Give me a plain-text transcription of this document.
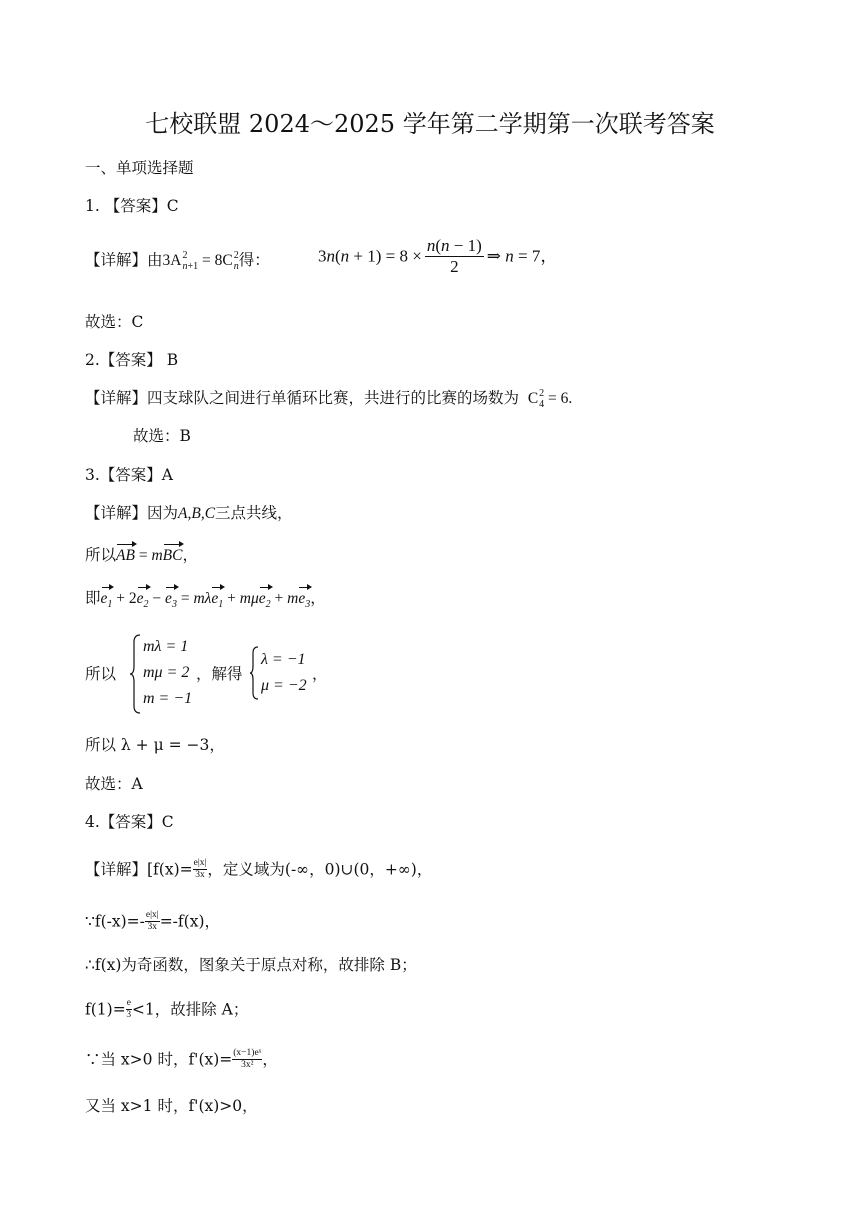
七校联盟 2024～2025 学年第二学期第一次联考答案
一、单项选择题
1. 【答案】C
【详解】由3A 2
n+1 = 8C 2
n 得：	$3n(n + 1) = 8 \times \frac{n(n - 1)}{2}$ ⇒ n = 7，
故选：C
2.【答案】 B
【详解】四支球队之间进行单循环比赛，共进行的比赛的场数为  C 2
4 = 6.
故选：B
3.【答案】A
【详解】因为A,B,C三点共线，
所以AB = mBC，
即$e_1 + 2e_2 - e_3 = m\lambda e_1 + m\mu e_2 + me_3$，
所以
mλ = 1
mμ = 2
m = −1
，解得
λ = −1
μ = −2
，
所以 λ + μ = −3，
故选：A
4.【答案】C
【详解】[$f(x)= \frac{e|x|}{3x}$ ，定义域为(-∞，0)∪(0，+∞)，
∵f(-x)=- $\frac{e|x|}{3x} =-f(x)$，
∴f(x)为奇函数，图象关于原点对称，故排除 B；
$f(1)= \frac{e}{3} <1$，故排除 A；
∵当 x>0 时，$f'(x)= \frac{\text{(x−1)eˣ}}{\text{3x²}}$ ，
又当 x>1 时，f'(x)>0，
